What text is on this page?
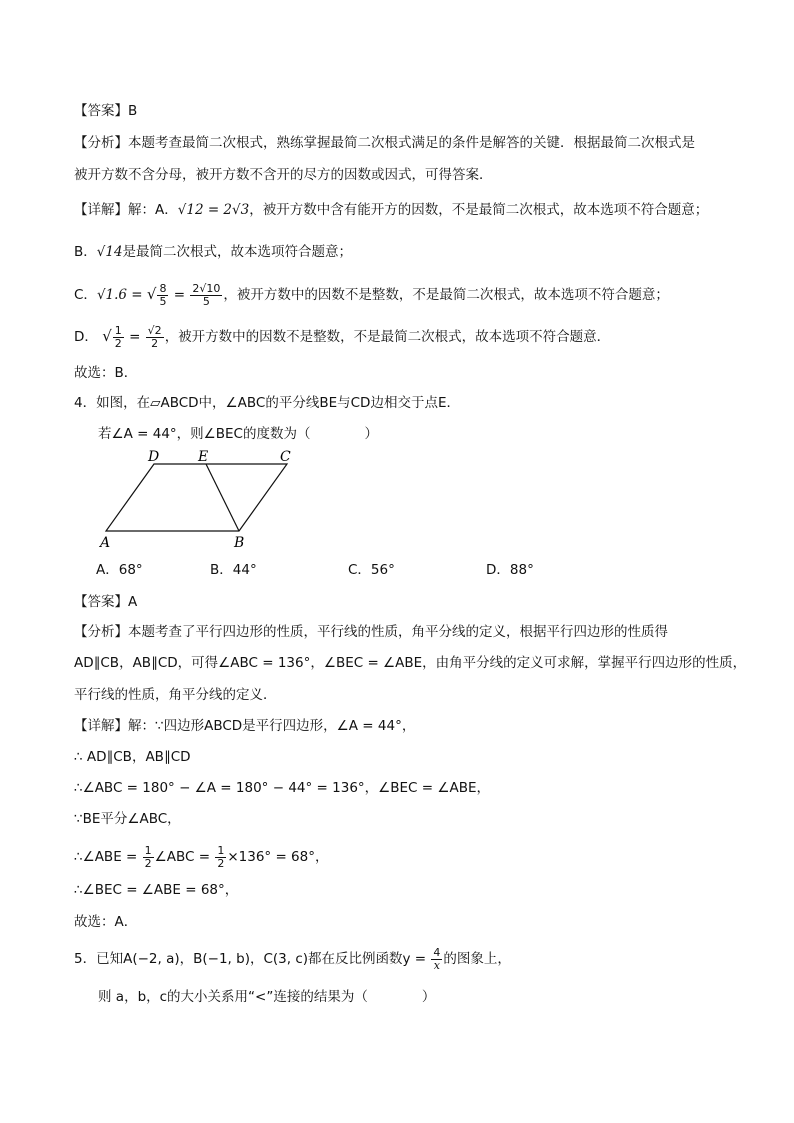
【答案】B
【分析】本题考查最简二次根式，熟练掌握最简二次根式满足的条件是解答的关键．根据最简二次根式是
被开方数不含分母，被开方数不含开的尽方的因数或因式，可得答案．
【详解】解：A．√12 = 2√3，被开方数中含有能开方的因数，不是最简二次根式，故本选项不符合题意；
B．√14是最简二次根式，故本选项符合题意；
C．√1.6 = √ $\frac{8}{5} = \frac{2√10}{5}$ ，被开方数中的因数不是整数，不是最简二次根式，故本选项不符合题意；
D． √ $\frac{1}{2} = \frac{√2}{2}$ ，被开方数中的因数不是整数，不是最简二次根式，故本选项不符合题意．
故选：B．
4．如图，在▱ABCD中，∠ABC的平分线BE与CD边相交于点E．
若∠A = 44°，则∠BEC的度数为（　　　　）
D	E	C
A	B
A．68°	B．44°	C．56°	D．88°
【答案】A
【分析】本题考查了平行四边形的性质，平行线的性质，角平分线的定义，根据平行四边形的性质得
AD∥CB，AB∥CD，可得∠ABC = 136°，∠BEC = ∠ABE，由角平分线的定义可求解，掌握平行四边形的性质，
平行线的性质，角平分线的定义．
【详解】解：∵四边形ABCD是平行四边形，∠A = 44°，
∴ AD∥CB，AB∥CD
∴∠ABC = 180° − ∠A = 180° − 44° = 136°，∠BEC = ∠ABE，
∵BE平分∠ABC，
∴∠ABE = $\frac{1}{2}$ ∠ABC = $\frac{1}{2} \times 136^\circ = 68^\circ$，
∴∠BEC = ∠ABE = 68°，
故选：A．
5．已知A(−2, a)，B(−1, b)，C(3, c)都在反比例函数$y = \frac{4}{x}$ 的图象上，
则 a，b，c的大小关系用“<”连接的结果为（　　　　）
